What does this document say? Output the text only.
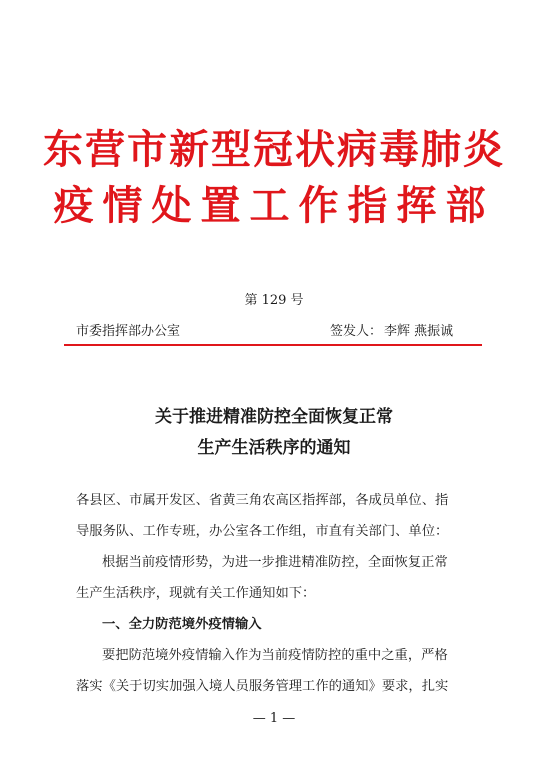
东营市新型冠状病毒肺炎
疫情处置工作指挥部
第 129 号
市委指挥部办公室	签发人： 李辉 燕振诚
关于推进精准防控全面恢复正常
生产生活秩序的通知
各县区、市属开发区、省黄三角农高区指挥部，各成员单位、指
导服务队、工作专班，办公室各工作组，市直有关部门、单位：
根据当前疫情形势，为进一步推进精准防控，全面恢复正常
生产生活秩序，现就有关工作通知如下：
一、全力防范境外疫情输入
要把防范境外疫情输入作为当前疫情防控的重中之重，严格
落实《关于切实加强入境人员服务管理工作的通知》要求，扎实
— 1 —
